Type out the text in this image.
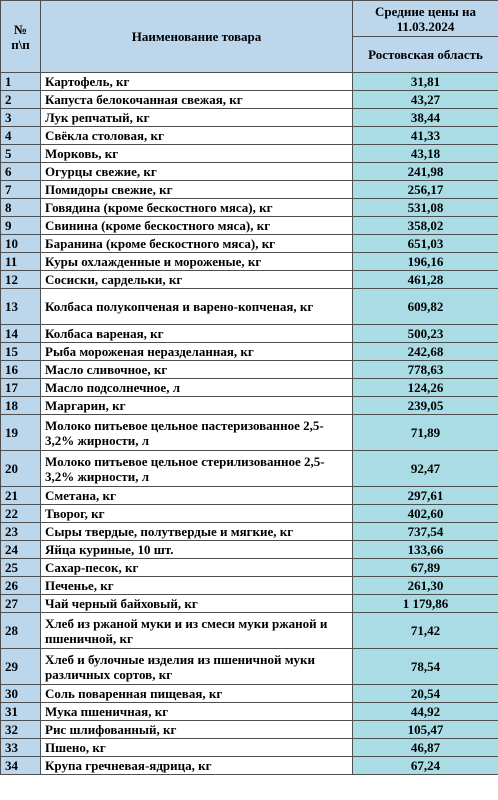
№ п\п	Наименование товара	Средние цены на 11.03.2024
		Ростовская область
1	Картофель, кг	31,81
2	Капуста белокочанная свежая, кг	43,27
3	Лук репчатый, кг	38,44
4	Свёкла столовая, кг	41,33
5	Морковь, кг	43,18
6	Огурцы свежие, кг	241,98
7	Помидоры свежие, кг	256,17
8	Говядина (кроме бескостного мяса), кг	531,08
9	Свинина (кроме бескостного мяса), кг	358,02
10	Баранина (кроме бескостного мяса), кг	651,03
11	Куры охлажденные и мороженые, кг	196,16
12	Сосиски, сардельки, кг	461,28
13	Колбаса полукопченая и варено-копченая, кг	609,82
14	Колбаса вареная, кг	500,23
15	Рыба мороженая неразделанная, кг	242,68
16	Масло сливочное, кг	778,63
17	Масло подсолнечное, л	124,26
18	Маргарин, кг	239,05
19	Молоко питьевое цельное пастеризованное 2,5-3,2% жирности, л	71,89
20	Молоко питьевое цельное стерилизованное 2,5-3,2% жирности, л	92,47
21	Сметана, кг	297,61
22	Творог, кг	402,60
23	Сыры твердые, полутвердые и мягкие, кг	737,54
24	Яйца куриные, 10 шт.	133,66
25	Сахар-песок, кг	67,89
26	Печенье, кг	261,30
27	Чай черный байховый, кг	1 179,86
28	Хлеб из ржаной муки и из смеси муки ржаной и пшеничной, кг	71,42
29	Хлеб и булочные изделия из пшеничной муки различных сортов, кг	78,54
30	Соль поваренная пищевая, кг	20,54
31	Мука пшеничная, кг	44,92
32	Рис шлифованный, кг	105,47
33	Пшено, кг	46,87
34	Крупа гречневая-ядрица, кг	67,24
